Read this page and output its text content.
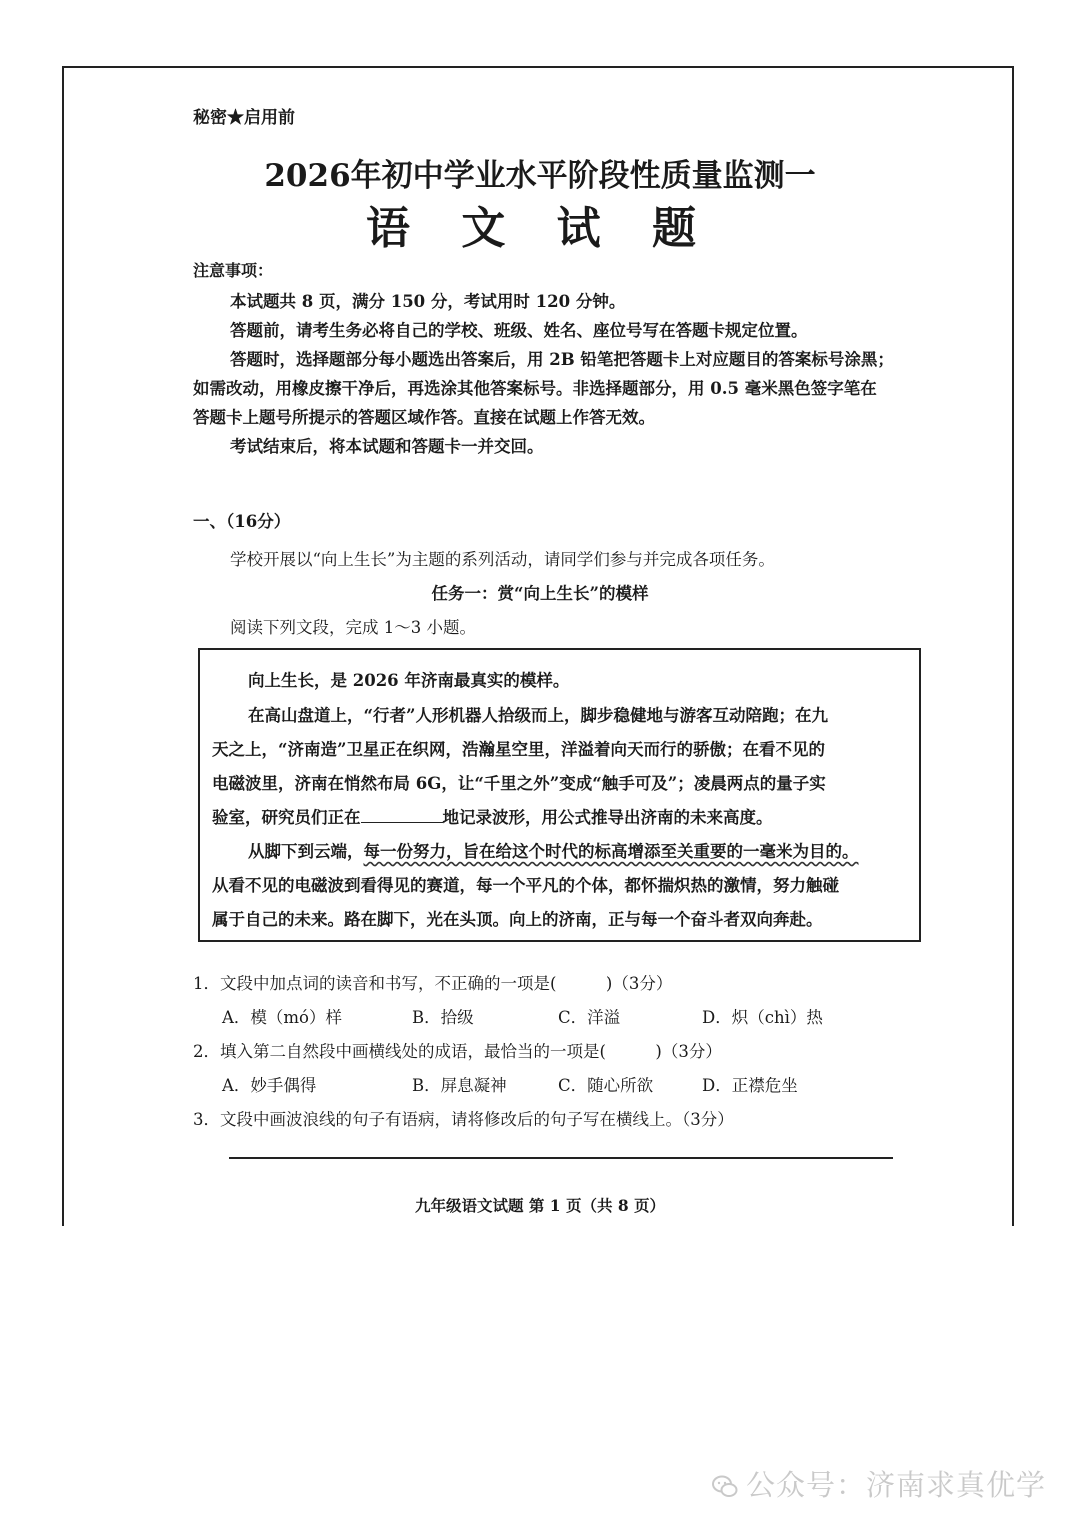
秘密★启用前
2026年初中学业水平阶段性质量监测一
语 文 试 题
注意事项：
本试题共 8 页，满分 150 分，考试用时 120 分钟。
答题前，请考生务必将自己的学校、班级、姓名、座位号写在答题卡规定位置。
答题时，选择题部分每小题选出答案后，用 2B 铅笔把答题卡上对应题目的答案标号涂黑；
如需改动，用橡皮擦干净后，再选涂其他答案标号。非选择题部分，用 0.5 毫米黑色签字笔在
答题卡上题号所提示的答题区域作答。直接在试题上作答无效。
考试结束后，将本试题和答题卡一并交回。
一、（16分）
学校开展以“向上生长”为主题的系列活动，请同学们参与并完成各项任务。
任务一：赏“向上生长”的模样
阅读下列文段，完成 1～3 小题。
向上生长，是 2026 年济南最真实的模样。
在高山盘道上，“行者”人形机器人拾级而上，脚步稳健地与游客互动陪跑；在九
天之上，“济南造”卫星正在织网，浩瀚星空里，洋溢着向天而行的骄傲；在看不见的
电磁波里，济南在悄然布局 6G，让“千里之外”变成“触手可及”；凌晨两点的量子实
验室，研究员们正在	地记录波形，用公式推导出济南的未来高度。
从脚下到云端，每一份努力，旨在给这个时代的标高增添至关重要的一毫米为目的。
从看不见的电磁波到看得见的赛道，每一个平凡的个体，都怀揣炽热的激情，努力触碰
属于自己的未来。路在脚下，光在头顶。向上的济南，正与每一个奋斗者双向奔赴。
1．文段中加点词的读音和书写，不正确的一项是(　　　)（3分）
A．模（mó）样	B．拾级	C．洋溢	D．炽（chì）热
2．填入第二自然段中画横线处的成语，最恰当的一项是(　　　)（3分）
A．妙手偶得	B．屏息凝神	C．随心所欲	D．正襟危坐
3．文段中画波浪线的句子有语病，请将修改后的句子写在横线上。（3分）
九年级语文试题 第 1 页（共 8 页）
公众号：济南求真优学
